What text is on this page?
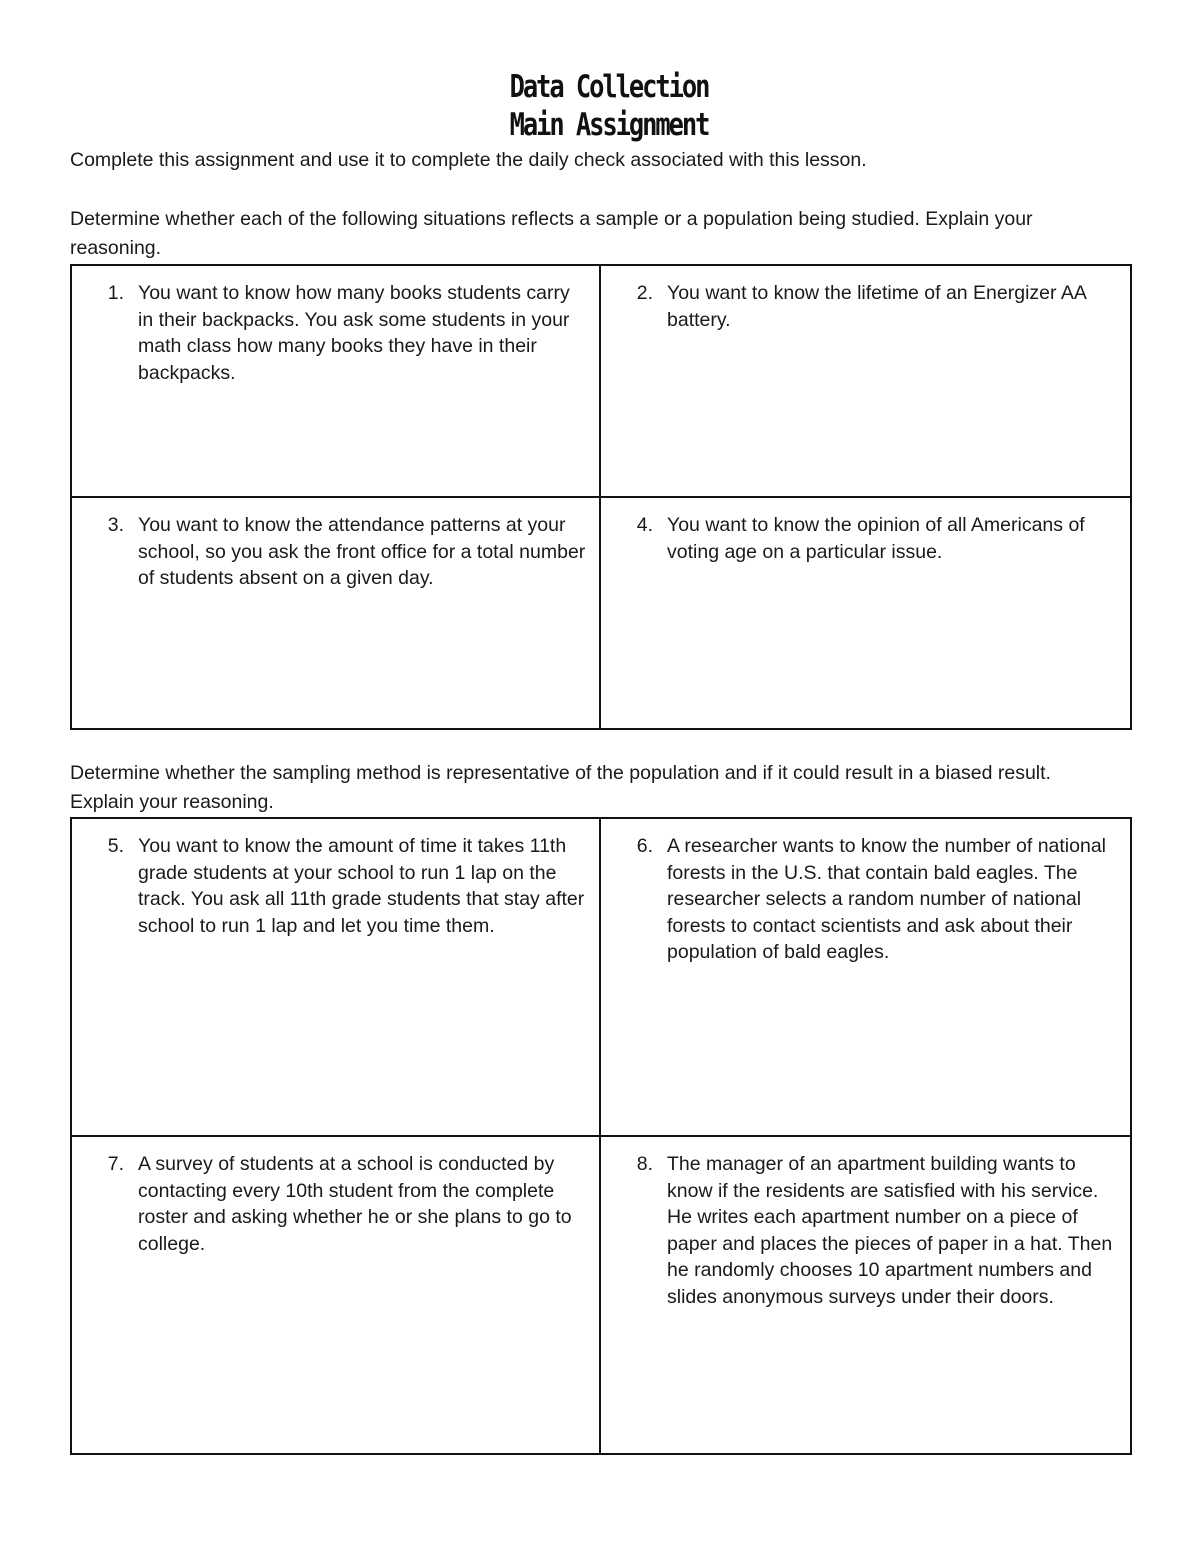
Data Collection
Main Assignment
Complete this assignment and use it to complete the daily check associated with this lesson.
Determine whether each of the following situations reflects a sample or a population being studied. Explain your reasoning.
1. You want to know how many books students carry in their backpacks. You ask some students in your math class how many books they have in their backpacks.
2. You want to know the lifetime of an Energizer AA battery.
3. You want to know the attendance patterns at your school, so you ask the front office for a total number of students absent on a given day.
4. You want to know the opinion of all Americans of voting age on a particular issue.
Determine whether the sampling method is representative of the population and if it could result in a biased result. Explain your reasoning.
5. You want to know the amount of time it takes 11th grade students at your school to run 1 lap on the track. You ask all 11th grade students that stay after school to run 1 lap and let you time them.
6. A researcher wants to know the number of national forests in the U.S. that contain bald eagles. The researcher selects a random number of national forests to contact scientists and ask about their population of bald eagles.
7. A survey of students at a school is conducted by contacting every 10th student from the complete roster and asking whether he or she plans to go to college.
8. The manager of an apartment building wants to know if the residents are satisfied with his service. He writes each apartment number on a piece of paper and places the pieces of paper in a hat. Then he randomly chooses 10 apartment numbers and slides anonymous surveys under their doors.
